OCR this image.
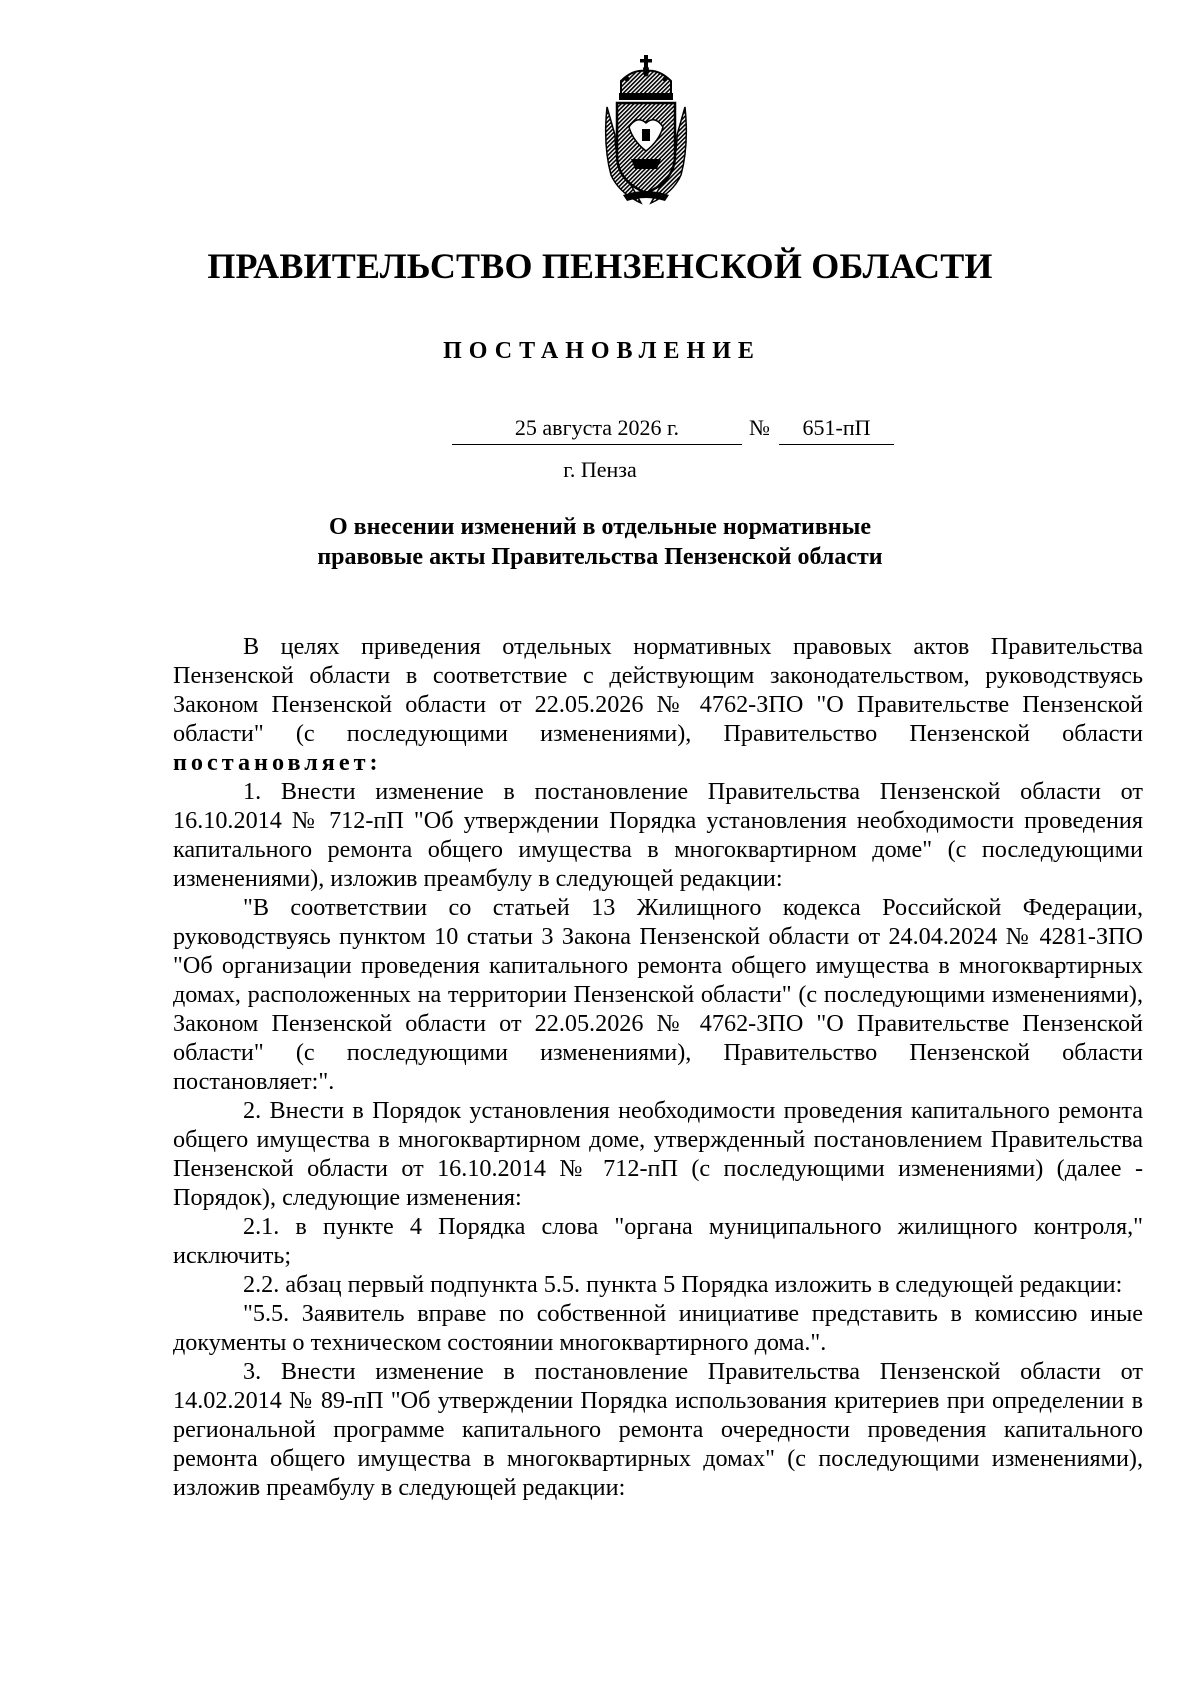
ПРАВИТЕЛЬСТВО ПЕНЗЕНСКОЙ ОБЛАСТИ
ПОСТАНОВЛЕНИЕ
25 августа 2026 г.	№	651-пП
г. Пенза
О внесении изменений в отдельные нормативные
правовые акты Правительства Пензенской области

В целях приведения отдельных нормативных правовых актов Правительства Пензенской области в соответствие с действующим законодательством, руководствуясь Законом Пензенской области от 22.05.2026 № 4762-ЗПО "О Правительстве Пензенской области" (с последующими изменениями), Правительство Пензенской области постановляет:

1. Внести изменение в постановление Правительства Пензенской области от 16.10.2014 № 712-пП "Об утверждении Порядка установления необходимости проведения капитального ремонта общего имущества в многоквартирном доме" (с последующими изменениями), изложив преамбулу в следующей редакции:

"В соответствии со статьей 13 Жилищного кодекса Российской Федерации, руководствуясь пунктом 10 статьи 3 Закона Пензенской области от 24.04.2024 № 4281-ЗПО "Об организации проведения капитального ремонта общего имущества в многоквартирных домах, расположенных на территории Пензенской области" (с последующими изменениями), Законом Пензенской области от 22.05.2026 № 4762-ЗПО "О Правительстве Пензенской области" (с последующими изменениями), Правительство Пензенской области постановляет:".

2. Внести в Порядок установления необходимости проведения капитального ремонта общего имущества в многоквартирном доме, утвержденный постановлением Правительства Пензенской области от 16.10.2014 № 712-пП (с последующими изменениями) (далее - Порядок), следующие изменения:

2.1. в пункте 4 Порядка слова "органа муниципального жилищного контроля," исключить;

2.2. абзац первый подпункта 5.5. пункта 5 Порядка изложить в следующей редакции:

"5.5. Заявитель вправе по собственной инициативе представить в комиссию иные документы о техническом состоянии многоквартирного дома.".

3. Внести изменение в постановление Правительства Пензенской области от 14.02.2014 № 89-пП "Об утверждении Порядка использования критериев при определении в региональной программе капитального ремонта очередности проведения капитального ремонта общего имущества в многоквартирных домах" (с последующими изменениями), изложив преамбулу в следующей редакции:
